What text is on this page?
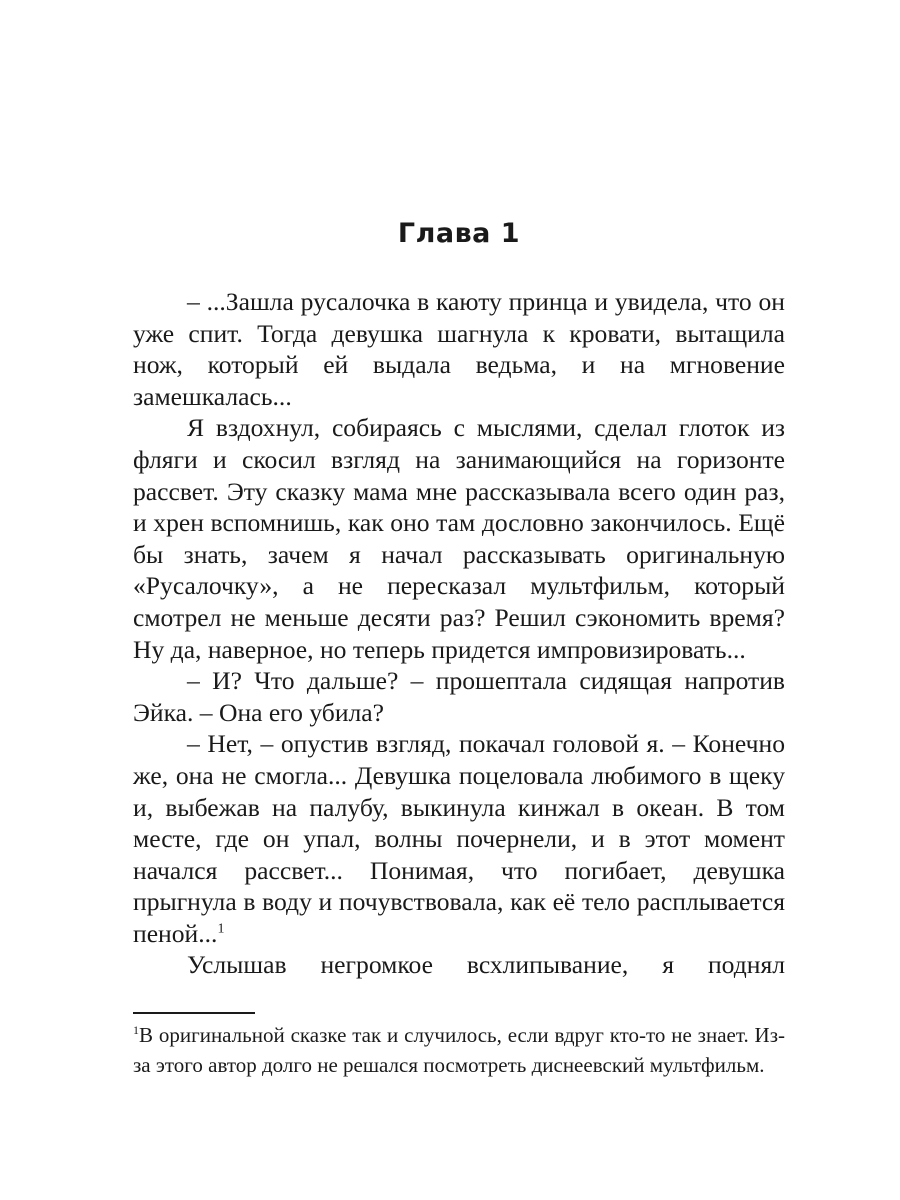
Глава 1

– ...Зашла русалочка в каюту принца и увидела, что он уже спит. Тогда девушка шагнула к кровати, вытащила нож, который ей выдала ведьма, и на мгновение замешкалась...

Я вздохнул, собираясь с мыслями, сделал глоток из фляги и скосил взгляд на занимающийся на горизонте рассвет. Эту сказку мама мне рассказывала всего один раз, и хрен вспомнишь, как оно там дословно закончилось. Ещё бы знать, зачем я начал рассказывать оригинальную «Русалочку», а не пересказал мультфильм, который смотрел не меньше десяти раз? Решил сэкономить время? Ну да, наверное, но теперь придется импровизировать...

– И? Что дальше? – прошептала сидящая напротив Эйка. – Она его убила?

– Нет, – опустив взгляд, покачал головой я. – Конечно же, она не смогла... Девушка поцеловала любимого в щеку и, выбежав на палубу, выкинула кинжал в океан. В том месте, где он упал, волны почернели, и в этот момент начался рассвет... Понимая, что погибает, девушка прыгнула в воду и почувствовала, как её тело расплывается пеной...$^1$

Услышав негромкое всхлипывание, я поднял

$^1$В оригинальной сказке так и случилось, если вдруг кто-то не знает. Из-за этого автор долго не решался посмотреть диснеевский мультфильм.
